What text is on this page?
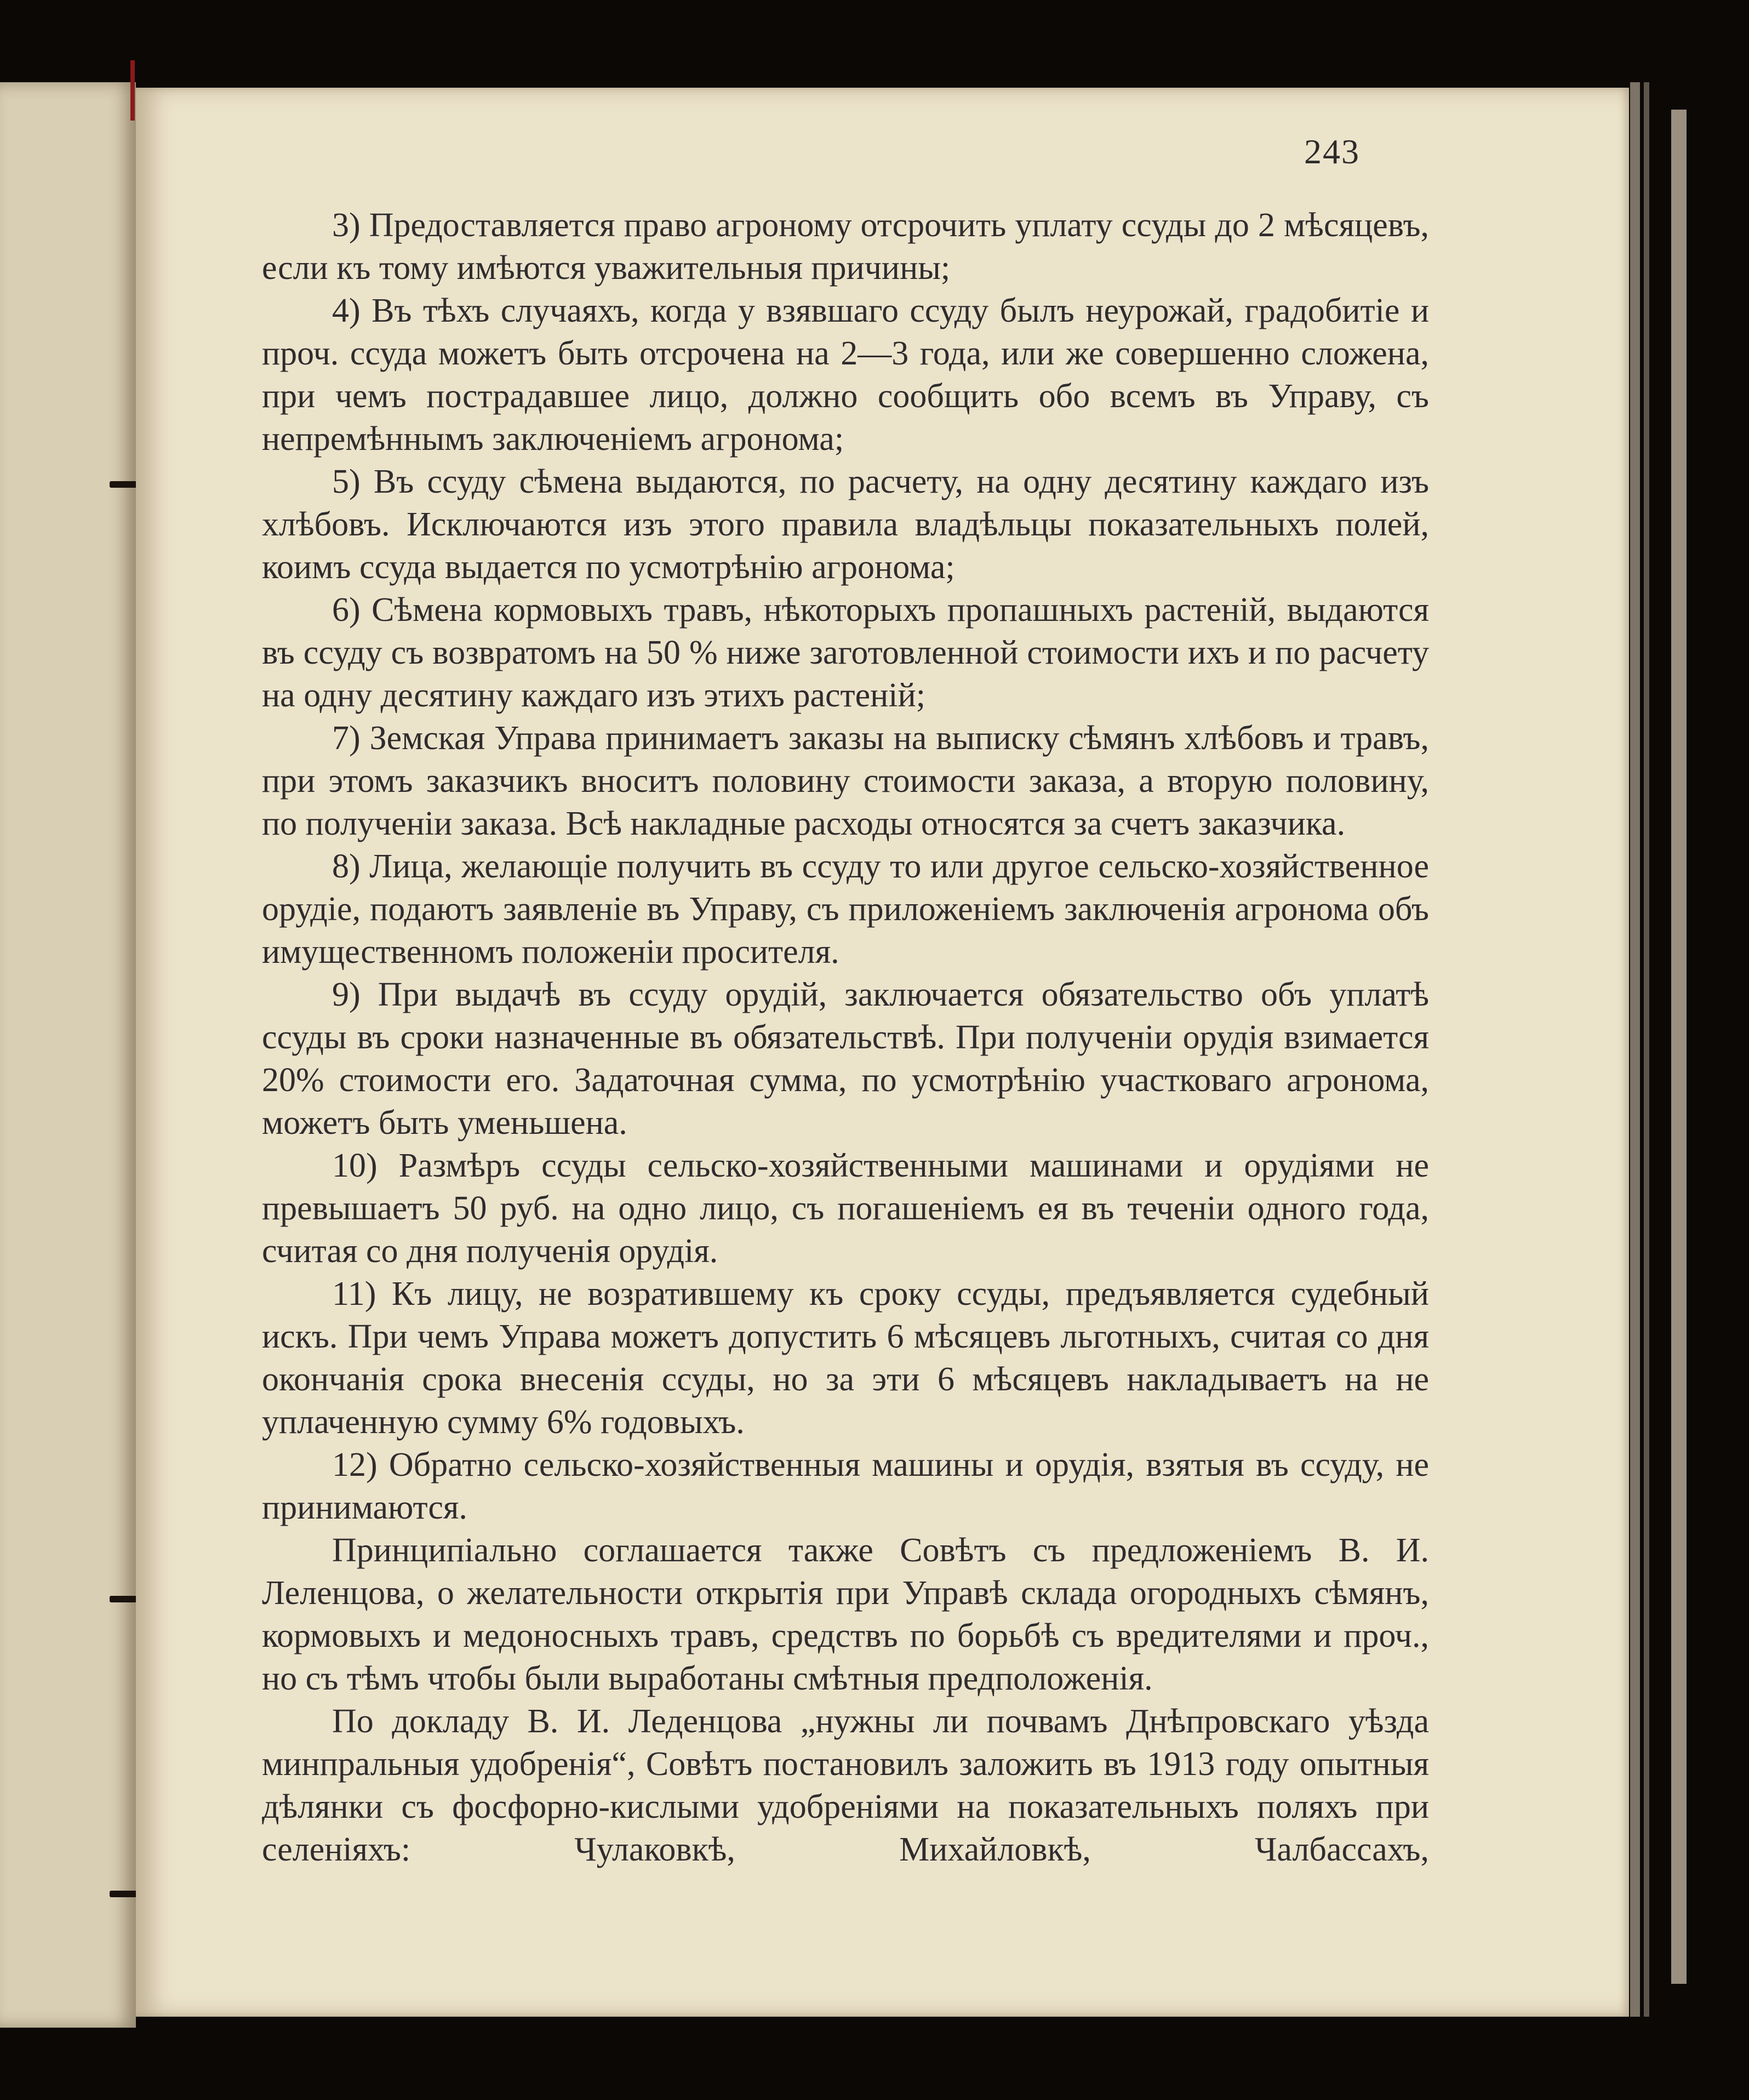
243

3) Предоставляется право агроному отсрочить уплату ссуды до 2 мѣсяцевъ, если къ тому имѣются уважительныя причины;

4) Въ тѣхъ случаяхъ, когда у взявшаго ссуду былъ неурожай, градобитіе и проч. ссуда можетъ быть отсрочена на 2—3 года, или же совершенно сложена, при чемъ пострадавшее лицо, должно сообщить обо всемъ въ Управу, съ непремѣннымъ заключеніемъ агронома;

5) Въ ссуду сѣмена выдаются, по расчету, на одну десятину каждаго изъ хлѣбовъ. Исключаются изъ этого правила владѣльцы показательныхъ полей, коимъ ссуда выдается по усмотрѣнію агронома;

6) Сѣмена кормовыхъ травъ, нѣкоторыхъ пропашныхъ растеній, выдаются въ ссуду съ возвратомъ на 50 % ниже заготовленной стоимости ихъ и по расчету на одну десятину каждаго изъ этихъ растеній;

7) Земская Управа принимаетъ заказы на выписку сѣмянъ хлѣбовъ и травъ, при этомъ заказчикъ вноситъ половину стоимости заказа, а вторую половину, по полученіи заказа. Всѣ накладные расходы относятся за счетъ заказчика.

8) Лица, желающіе получить въ ссуду то или другое сельско-хозяйственное орудіе, подаютъ заявленіе въ Управу, съ приложеніемъ заключенія агронома объ имущественномъ положеніи просителя.

9) При выдачѣ въ ссуду орудій, заключается обязательство объ уплатѣ ссуды въ сроки назначенные въ обязательствѣ. При полученіи орудія взимается 20% стоимости его. Задаточная сумма, по усмотрѣнію участковаго агронома, можетъ быть уменьшена.

10) Размѣръ ссуды сельско-хозяйственными машинами и орудіями не превышаетъ 50 руб. на одно лицо, съ погашеніемъ ея въ теченіи одного года, считая со дня полученія орудія.

11) Къ лицу, не возратившему къ сроку ссуды, предъявляется судебный искъ. При чемъ Управа можетъ допустить 6 мѣсяцевъ льготныхъ, считая со дня окончанія срока внесенія ссуды, но за эти 6 мѣсяцевъ накладываетъ на не уплаченную сумму 6% годовыхъ.

12) Обратно сельско-хозяйственныя машины и орудія, взятыя въ ссуду, не принимаются.

Принципіально соглашается также Совѣтъ съ предложеніемъ В. И. Леленцова, о желательности открытія при Управѣ склада огородныхъ сѣмянъ, кормовыхъ и медоносныхъ травъ, средствъ по борьбѣ съ вредителями и проч., но съ тѣмъ чтобы были выработаны смѣтныя предположенія.

По докладу В. И. Леденцова „нужны ли почвамъ Днѣпровскаго уѣзда минпральныя удобренія“, Совѣтъ постановилъ заложить въ 1913 году опытныя дѣлянки съ фосфорно-кислыми удобреніями на показательныхъ поляхъ при селеніяхъ: Чулаковкѣ, Михайловкѣ, Чалбассахъ,
